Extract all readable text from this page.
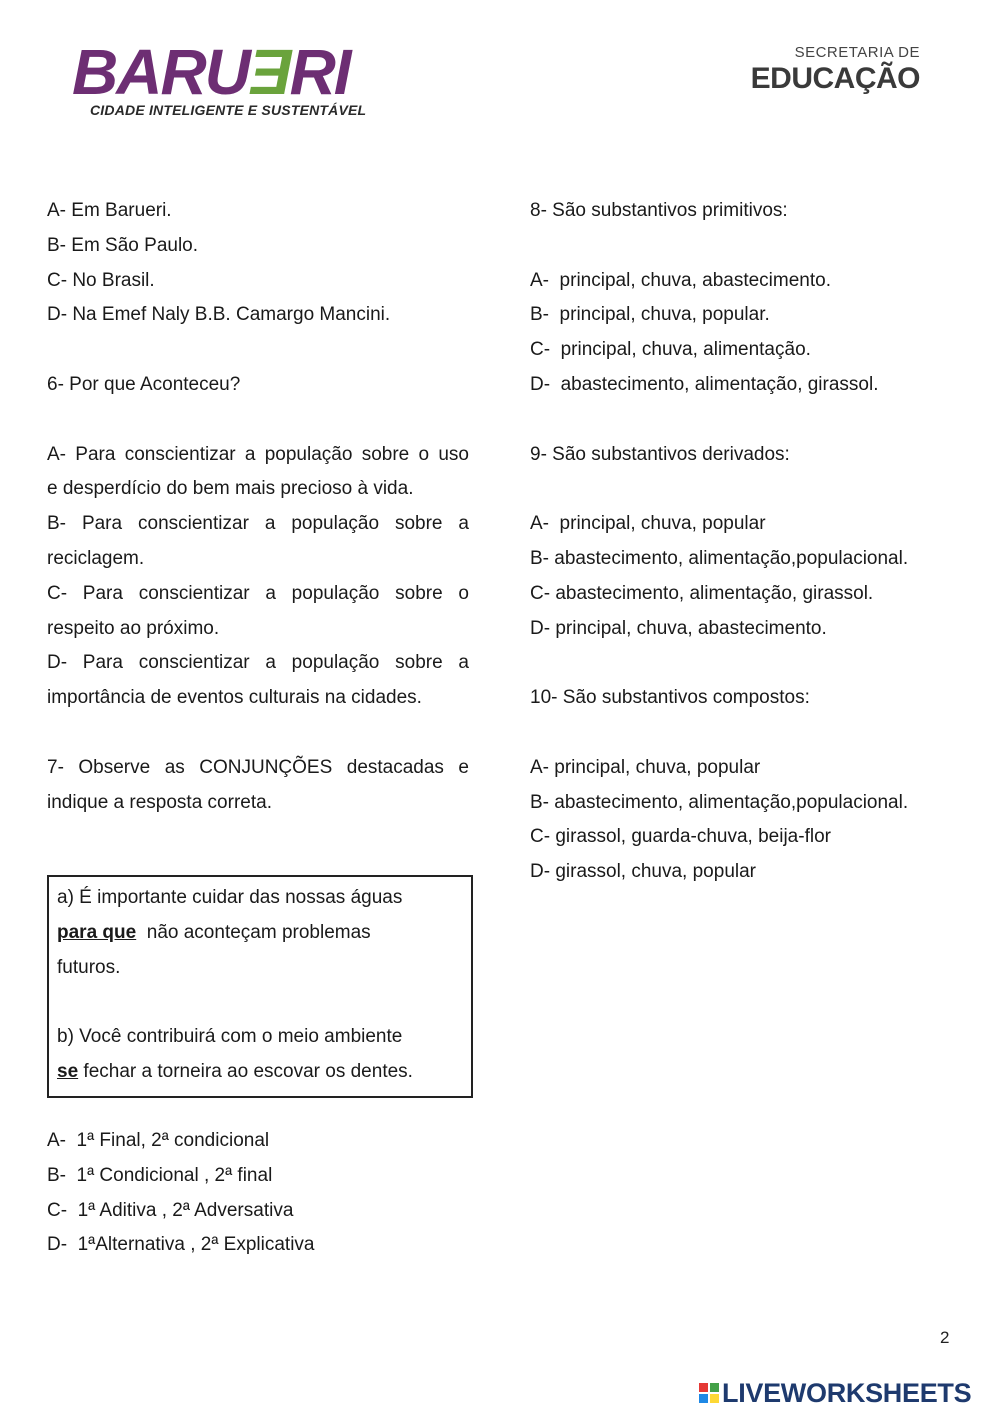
BARUƎRI
CIDADE INTELIGENTE E SUSTENTÁVEL
SECRETARIA DE
EDUCAÇÃO
A- Em Barueri.
B- Em São Paulo.
C- No Brasil.
D- Na Emef Naly B.B. Camargo Mancini.
6- Por que Aconteceu?
A- Para conscientizar a população sobre o uso
e desperdício do bem mais precioso à vida.
B- Para conscientizar a população sobre a
reciclagem.
C- Para conscientizar a população sobre o
respeito ao próximo.
D- Para conscientizar a população sobre a
importância de eventos culturais na cidades.
7- Observe as CONJUNÇÕES destacadas e
indique a resposta correta.
a) É importante cuidar das nossas águas
para que  não aconteçam problemas
futuros.
b) Você contribuirá com o meio ambiente
se fechar a torneira ao escovar os dentes.
A-  1ª Final, 2ª condicional
B-  1ª Condicional , 2ª final
C-  1ª Aditiva , 2ª Adversativa
D-  1ªAlternativa , 2ª Explicativa
8- São substantivos primitivos:
A-  principal, chuva, abastecimento.
B-  principal, chuva, popular.
C-  principal, chuva, alimentação.
D-  abastecimento, alimentação, girassol.
9- São substantivos derivados:
A-  principal, chuva, popular
B- abastecimento, alimentação,populacional.
C- abastecimento, alimentação, girassol.
D- principal, chuva, abastecimento.
10- São substantivos compostos:
A- principal, chuva, popular
B- abastecimento, alimentação,populacional.
C- girassol, guarda-chuva, beija-flor
D- girassol, chuva, popular
2
LIVEWORKSHEETS
